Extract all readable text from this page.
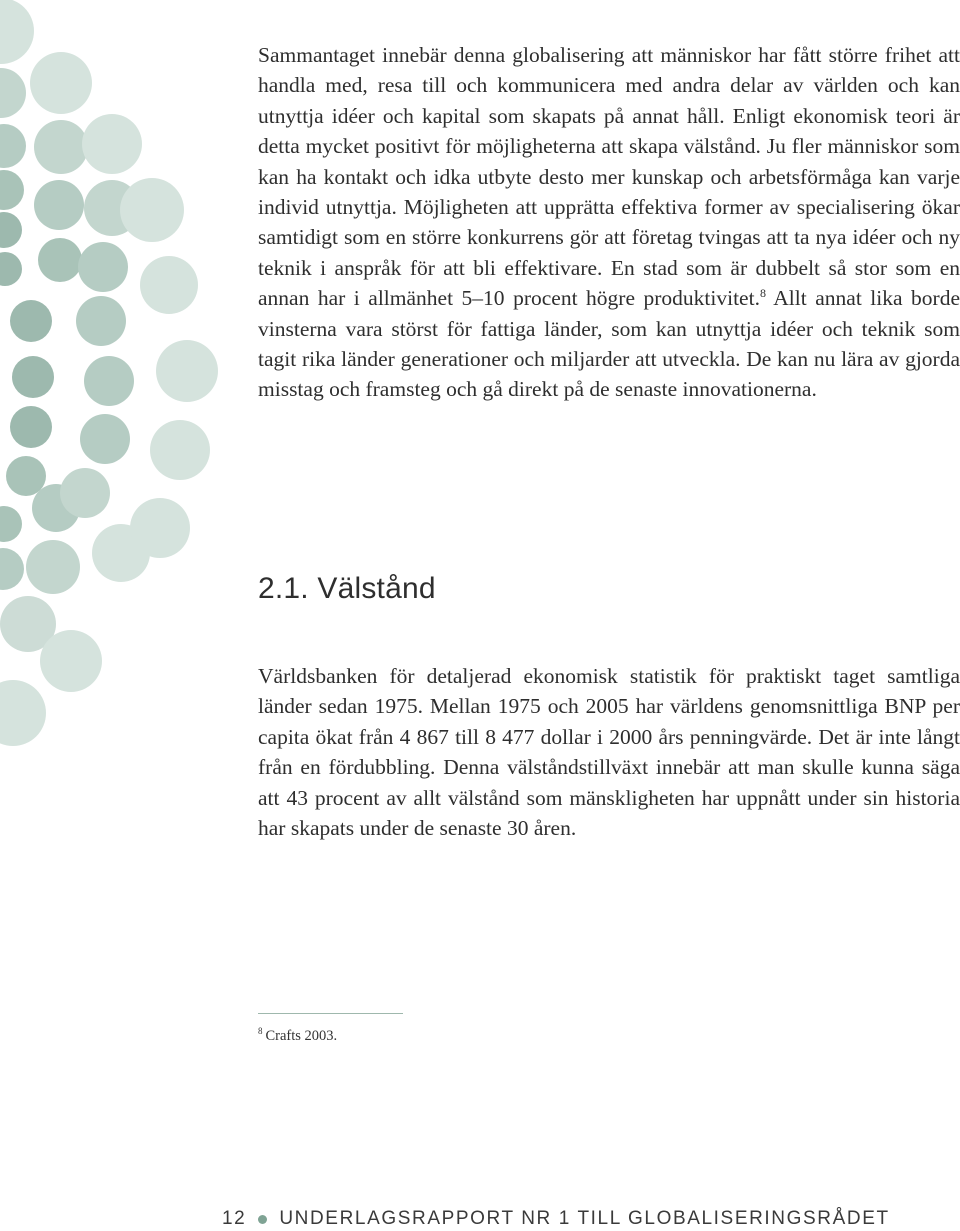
Sammantaget innebär denna globalisering att människor har fått större frihet att handla med, resa till och kommunicera med andra delar av världen och kan utnyttja idéer och kapital som skapats på annat håll. Enligt ekonomisk teori är detta mycket positivt för möjligheterna att skapa välstånd. Ju fler människor som kan ha kontakt och idka utbyte desto mer kunskap och arbetsförmåga kan varje individ utnyttja. Möjligheten att upprätta effektiva former av specialisering ökar samtidigt som en större konkurrens gör att företag tvingas att ta nya idéer och ny teknik i anspråk för att bli effektivare. En stad som är dubbelt så stor som en annan har i allmänhet 5–10 procent högre produktivitet.$^8$ Allt annat lika borde vinsterna vara störst för fattiga länder, som kan utnyttja idéer och teknik som tagit rika länder generationer och miljarder att utveckla. De kan nu lära av gjorda misstag och framsteg och gå direkt på de senaste innovationerna.

2.1. Välstånd

Världsbanken för detaljerad ekonomisk statistik för praktiskt taget samtliga länder sedan 1975. Mellan 1975 och 2005 har världens genomsnittliga BNP per capita ökat från 4 867 till 8 477 dollar i 2000 års penningvärde. Det är inte långt från en fördubbling. Denna välståndstillväxt innebär att man skulle kunna säga att 43 procent av allt välstånd som mänskligheten har uppnått under sin historia har skapats under de senaste 30 åren.

$^8$ Crafts 2003.
12 UNDERLAGSRAPPORT NR 1 TILL GLOBALISERINGSRÅDET
